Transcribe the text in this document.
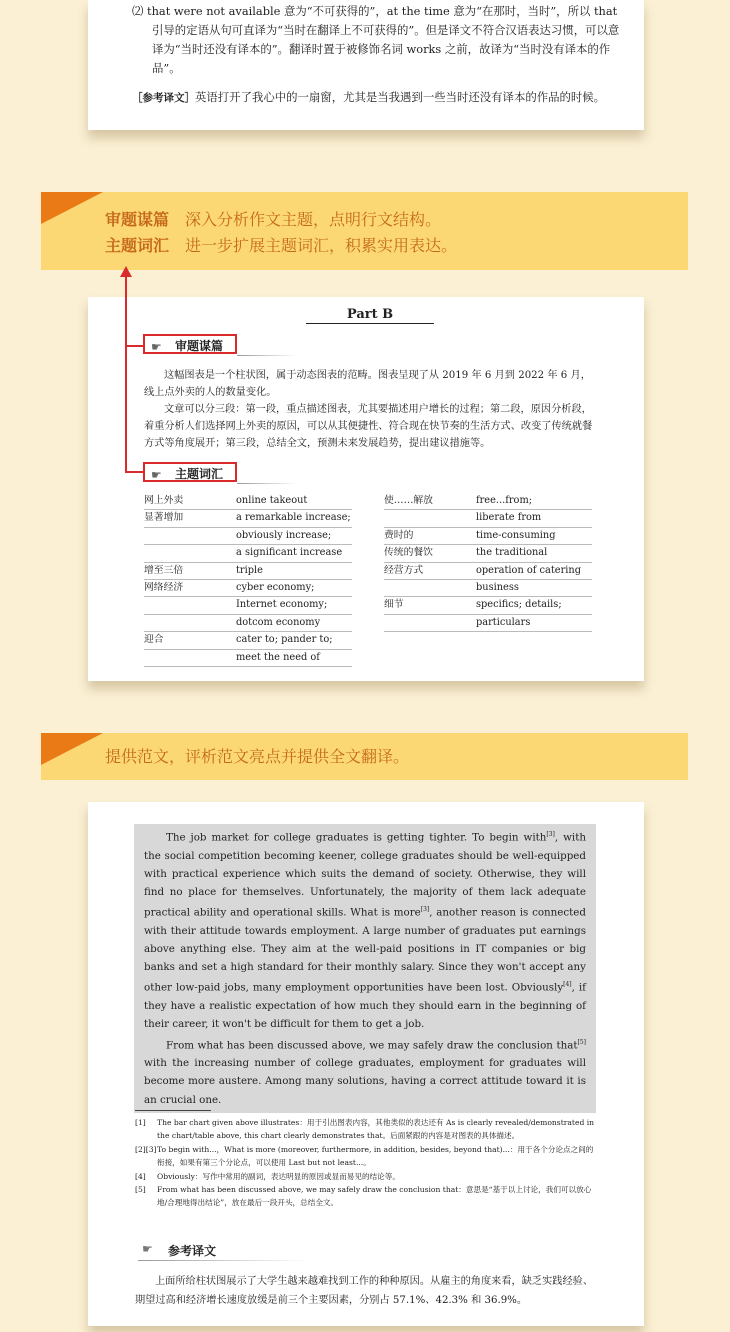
⑵ that were not available 意为“不可获得的”，at the time 意为“在那时，当时”，所以 that 引导的定语从句可直译为“当时在翻译上不可获得的”。但是译文不符合汉语表达习惯，可以意译为“当时还没有译本的”。翻译时置于被修饰名词 works 之前，故译为“当时没有译本的作品”。
［参考译文］英语打开了我心中的一扇窗，尤其是当我遇到一些当时还没有译本的作品的时候。
审题谋篇 深入分析作文主题，点明行文结构。
主题词汇 进一步扩展主题词汇，积累实用表达。
Part B
☛ 审题谋篇

这幅图表是一个柱状图，属于动态图表的范畴。图表呈现了从 2019 年 6 月到 2022 年 6 月，线上点外卖的人的数量变化。

文章可以分三段：第一段，重点描述图表，尤其要描述用户增长的过程；第二段，原因分析段，着重分析人们选择网上外卖的原因，可以从其便捷性、符合现在快节奏的生活方式、改变了传统就餐方式等角度展开；第三段，总结全文，预测未来发展趋势，提出建议措施等。

☛ 主题词汇
网上外卖	online takeout
显著增加	a remarkable increase;
obviously increase;
a significant increase
增至三倍	triple
网络经济	cyber economy;
Internet economy;
dotcom economy
迎合	cater to; pander to;
meet the need of
使……解放	free...from;
liberate from
费时的	time-consuming
传统的餐饮	the traditional
经营方式	operation of catering
business
细节	specifics; details;
particulars
提供范文，评析范文亮点并提供全文翻译。

The job market for college graduates is getting tighter. To begin with[3], with the social competition becoming keener, college graduates should be well-equipped with practical experience which suits the demand of society. Otherwise, they will find no place for themselves. Unfortunately, the majority of them lack adequate practical ability and operational skills. What is more[3], another reason is connected with their attitude towards employment. A large number of graduates put earnings above anything else. They aim at the well-paid positions in IT companies or big banks and set a high standard for their monthly salary. Since they won't accept any other low-paid jobs, many employment opportunities have been lost. Obviously[4], if they have a realistic expectation of how much they should earn in the beginning of their career, it won't be difficult for them to get a job.

From what has been discussed above, we may safely draw the conclusion that[5] with the increasing number of college graduates, employment for graduates will become more austere. Among many solutions, having a correct attitude toward it is an crucial one.

[1]	The bar chart given above illustrates：用于引出图表内容，其他类似的表达还有 As is clearly revealed/demonstrated in the chart/table above, this chart clearly demonstrates that。后面紧跟的内容是对图表的具体描述。
[2][3] To begin with...，What is more (moreover, furthermore, in addition, besides, beyond that)...：用于各个分论点之间的衔接，如果有第三个分论点，可以使用 Last but not least...。
[4]	Obviously：写作中常用的副词，表达明显的原因或显而易见的结论等。
[5]	From what has been discussed above, we may safely draw the conclusion that：意思是“基于以上讨论，我们可以放心地/合理地得出结论”，放在最后一段开头，总结全文。
☛ 参考译文

上面所给柱状图展示了大学生越来越难找到工作的种种原因。从雇主的角度来看，缺乏实践经验、期望过高和经济增长速度放缓是前三个主要因素，分别占 57.1%、42.3% 和 36.9%。
